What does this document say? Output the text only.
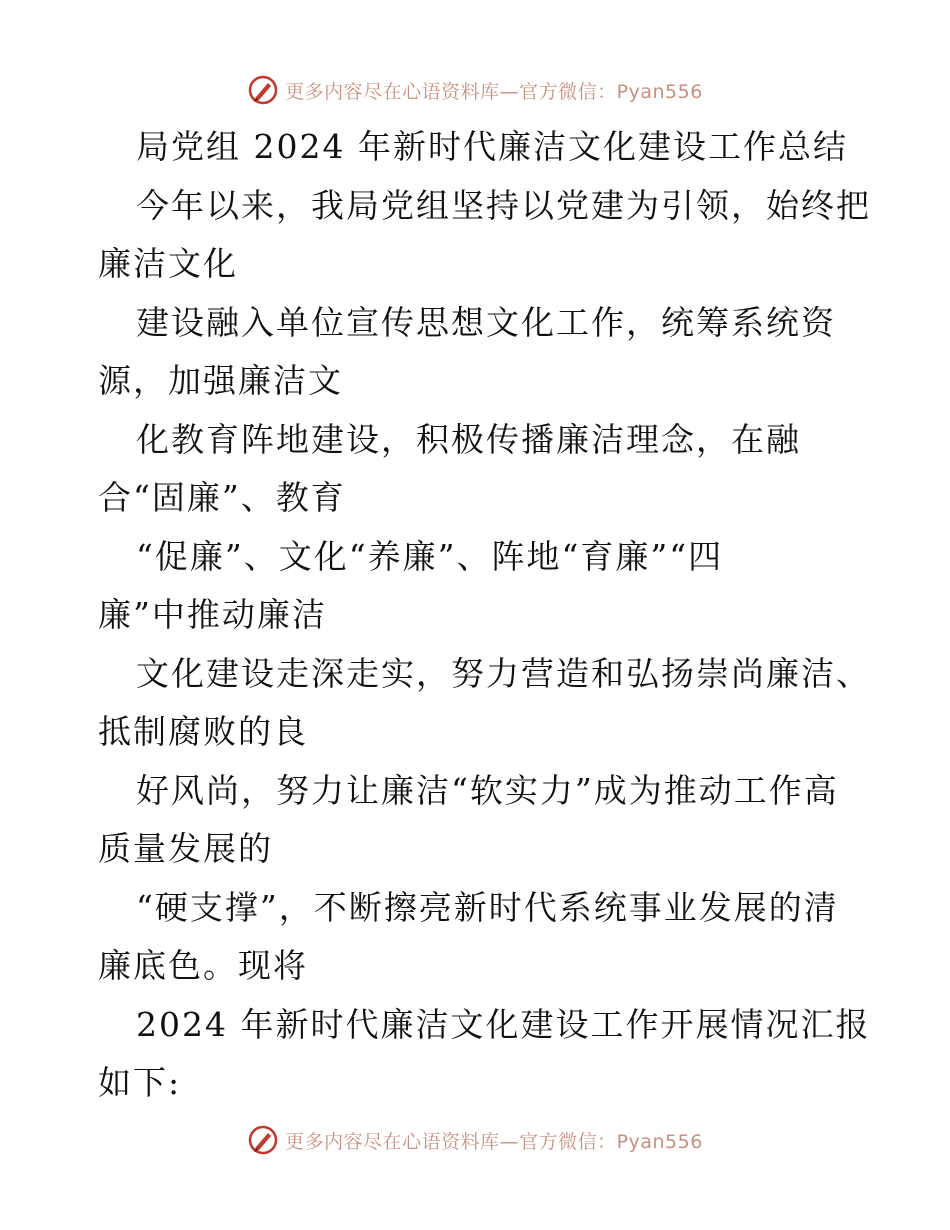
更多内容尽在心语资料库—官方微信：Pyan556
局党组 2024 年新时代廉洁文化建设工作总结
今年以来，我局党组坚持以党建为引领，始终把
廉洁文化
建设融入单位宣传思想文化工作，统筹系统资
源，加强廉洁文
化教育阵地建设，积极传播廉洁理念，在融
合“固廉”、教育
“促廉”、文化“养廉”、阵地“育廉”“四
廉”中推动廉洁
文化建设走深走实，努力营造和弘扬崇尚廉洁、
抵制腐败的良
好风尚，努力让廉洁“软实力”成为推动工作高
质量发展的
“硬支撑”，不断擦亮新时代系统事业发展的清
廉底色。现将
2024 年新时代廉洁文化建设工作开展情况汇报
如下:
更多内容尽在心语资料库—官方微信：Pyan556
